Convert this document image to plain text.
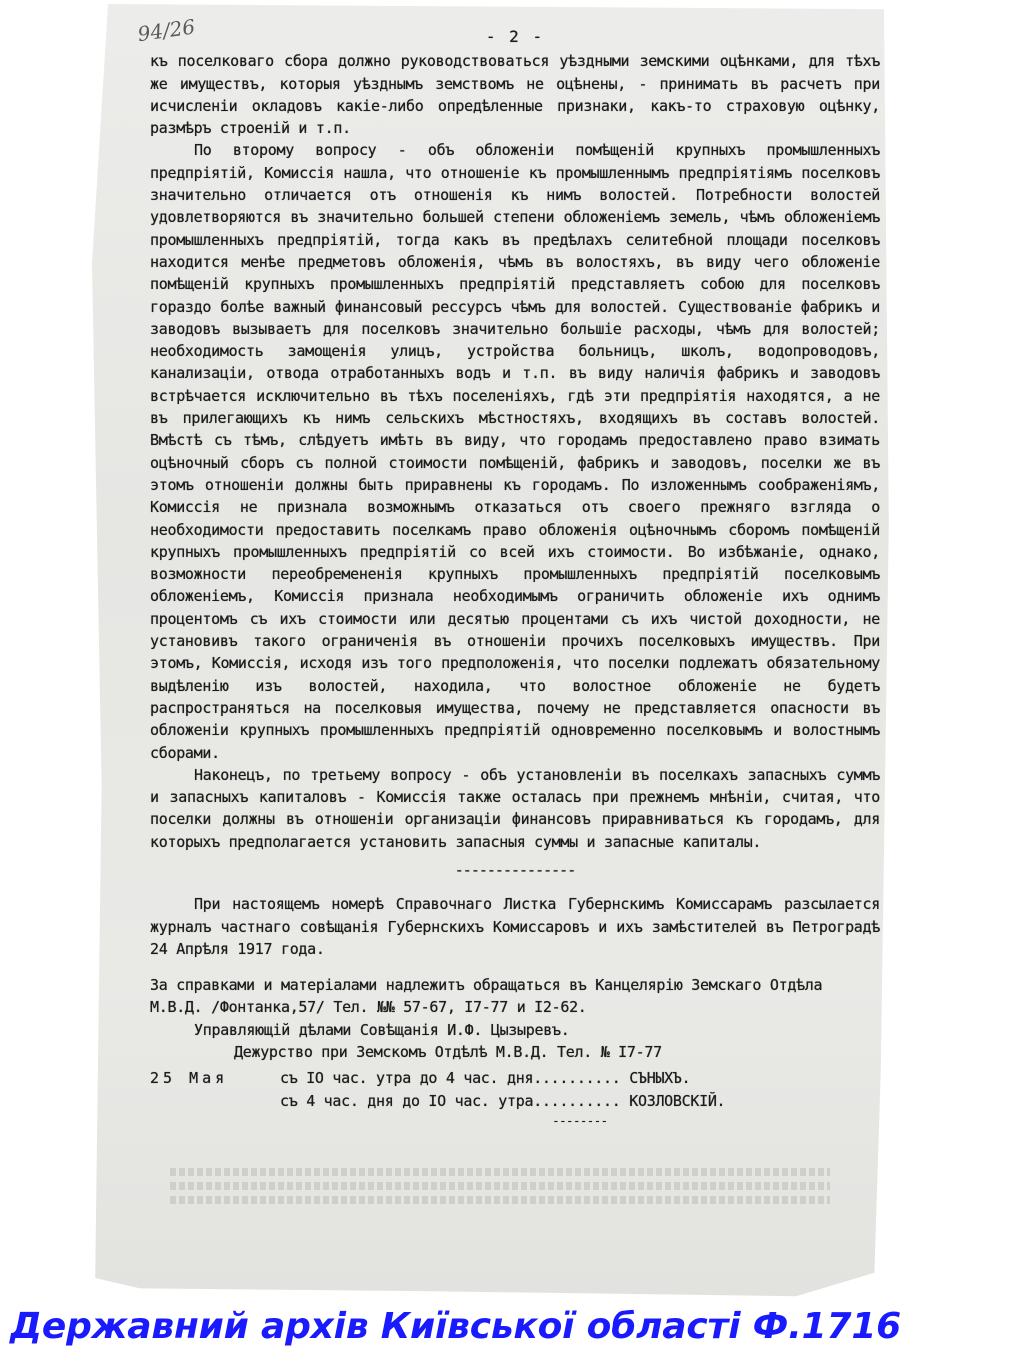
94/26	- 2 -

къ поселковаго сбора должно руководствоваться уѣздными земскими оцѣнками, для тѣхъ же имуществъ, которыя уѣзднымъ земствомъ не оцѣнены, - принимать въ расчетъ при исчисленіи окладовъ какіе-либо опредѣленные признаки, какъ-то страховую оцѣнку, размѣръ строеній и т.п.

По второму вопросу - объ обложеніи помѣщеній крупныхъ промышленныхъ предпріятій, Комиссія нашла, что отношеніе къ промышленнымъ предпріятіямъ поселковъ значительно отличается отъ отношенія къ нимъ волостей. Потребности волостей удовлетворяются въ значительно большей степени обложеніемъ земель, чѣмъ обложеніемъ промышленныхъ предпріятій, тогда какъ въ предѣлахъ селитебной площади поселковъ находится менѣе предметовъ обложенія, чѣмъ въ волостяхъ, въ виду чего обложеніе помѣщеній крупныхъ промышленныхъ предпріятій представляетъ собою для поселковъ гораздо болѣе важный финансовый рессурсъ чѣмъ для волостей. Существованіе фабрикъ и заводовъ вызываетъ для поселковъ значительно большіе расходы, чѣмъ для волостей; необходимость замощенія улицъ, устройства больницъ, школъ, водопроводовъ, канализаціи, отвода отработанныхъ водъ и т.п. въ виду наличія фабрикъ и заводовъ встрѣчается исключительно въ тѣхъ поселеніяхъ, гдѣ эти предпріятія находятся, а не въ прилегающихъ къ нимъ сельскихъ мѣстностяхъ, входящихъ въ составъ волостей. Вмѣстѣ съ тѣмъ, слѣдуетъ имѣть въ виду, что городамъ предоставлено право взимать оцѣночный сборъ съ полной стоимости помѣщеній, фабрикъ и заводовъ, поселки же въ этомъ отношеніи должны быть приравнены къ городамъ. По изложеннымъ соображеніямъ, Комиссія не признала возможнымъ отказаться отъ своего прежняго взгляда о необходимости предоставить поселкамъ право обложенія оцѣночнымъ сборомъ помѣщеній крупныхъ промышленныхъ предпріятій со всей ихъ стоимости. Во избѣжаніе, однако, возможности переобремененія крупныхъ промышленныхъ предпріятій поселковымъ обложеніемъ, Комиссія признала необходимымъ ограничить обложеніе ихъ однимъ процентомъ съ ихъ стоимости или десятью процентами съ ихъ чистой доходности, не установивъ такого ограниченія въ отношеніи прочихъ поселковыхъ имуществъ. При этомъ, Комиссія, исходя изъ того предположенія, что поселки подлежатъ обязательному выдѣленію изъ волостей, находила, что волостное обложеніе не будетъ распространяться на поселковыя имущества, почему не представляется опасности въ обложеніи крупныхъ промышленныхъ предпріятій одновременно поселковымъ и волостнымъ сборами.

Наконецъ, по третьему вопросу - объ установленіи въ поселкахъ запасныхъ суммъ и запасныхъ капиталовъ - Комиссія также осталась при прежнемъ мнѣніи, считая, что поселки должны въ отношеніи организаціи финансовъ приравниваться къ городамъ, для которыхъ предполагается установить запасныя суммы и запасные капиталы.

---------------

При настоящемъ номерѣ Справочнаго Листка Губернскимъ Комиссарамъ разсылается журналъ частнаго совѣщанія Губернскихъ Комиссаровъ и ихъ замѣстителей въ Петроградѣ 24 Апрѣля 1917 года.

За справками и матеріалами надлежитъ обращаться въ Канцелярію Земскаго Отдѣла М.В.Д. /Фонтанка,57/ Тел. №№ 57-67, I7-77 и I2-62.
Управляющій дѣлами Совѣщанія И.Ф. Цызыревъ.
Дежурство при Земскомъ Отдѣлѣ М.В.Д. Тел. № I7-77
25 Мая	съ IO час. утра до 4 час. дня.......... СЪНЫХЪ.
съ 4 час. дня до IO час. утра.......... КОЗЛОВСКІЙ.
--------
Державний архів Київської області Ф.1716
